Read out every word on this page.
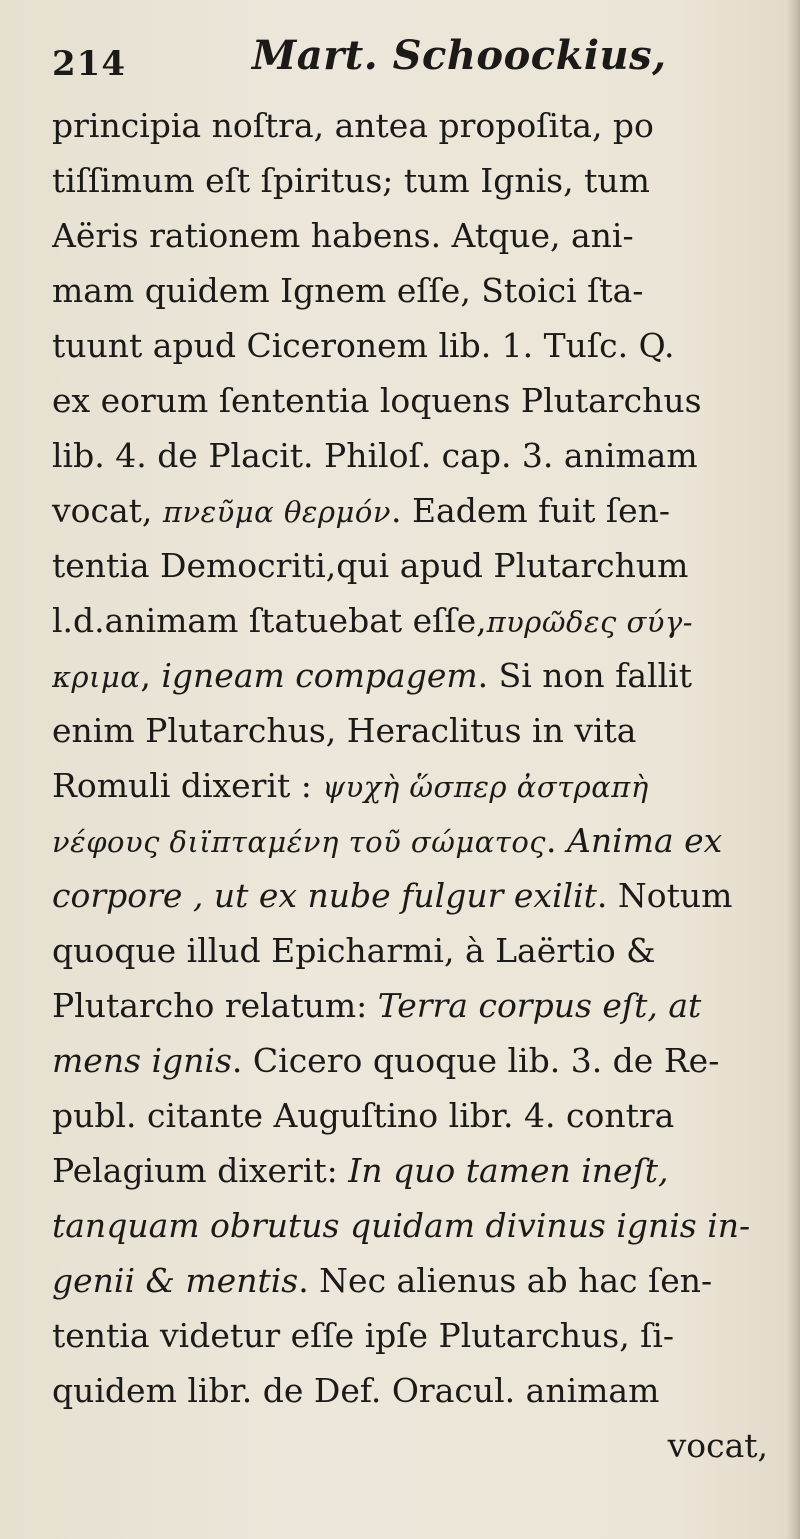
214	Mart. Schoockius,
principia noſtra, antea propoſita, po
tiſſimum eſt ſpiritus; tum Ignis, tum
Aëris rationem habens. Atque, ani-
mam quidem Ignem eſſe, Stoici ſta-
tuunt apud Ciceronem lib. 1. Tuſc. Q.
ex eorum ſententia loquens Plutarchus
lib. 4. de Placit. Philoſ. cap. 3. animam
vocat, πνεῦμα θερμόν. Eadem fuit ſen-
tentia Democriti,qui apud Plutarchum
l.d.animam ſtatuebat eſſe,πυρῶδες σύγ-
κριμα, igneam compagem. Si non fallit
enim Plutarchus, Heraclitus in vita
Romuli dixerit : ψυχὴ ὥσπερ ἀστραπὴ
νέφους διϊπταμένη τοῦ σώματος. Anima ex
corpore , ut ex nube fulgur exilit. Notum
quoque illud Epicharmi, à Laërtio &
Plutarcho relatum: Terra corpus eſt, at
mens ignis. Cicero quoque lib. 3. de Re-
publ. citante Auguſtino libr. 4. contra
Pelagium dixerit: In quo tamen ineſt,
tanquam obrutus quidam divinus ignis in-
genii & mentis. Nec alienus ab hac ſen-
tentia videtur eſſe ipſe Plutarchus, ſi-
quidem libr. de Def. Oracul. animam
vocat,
